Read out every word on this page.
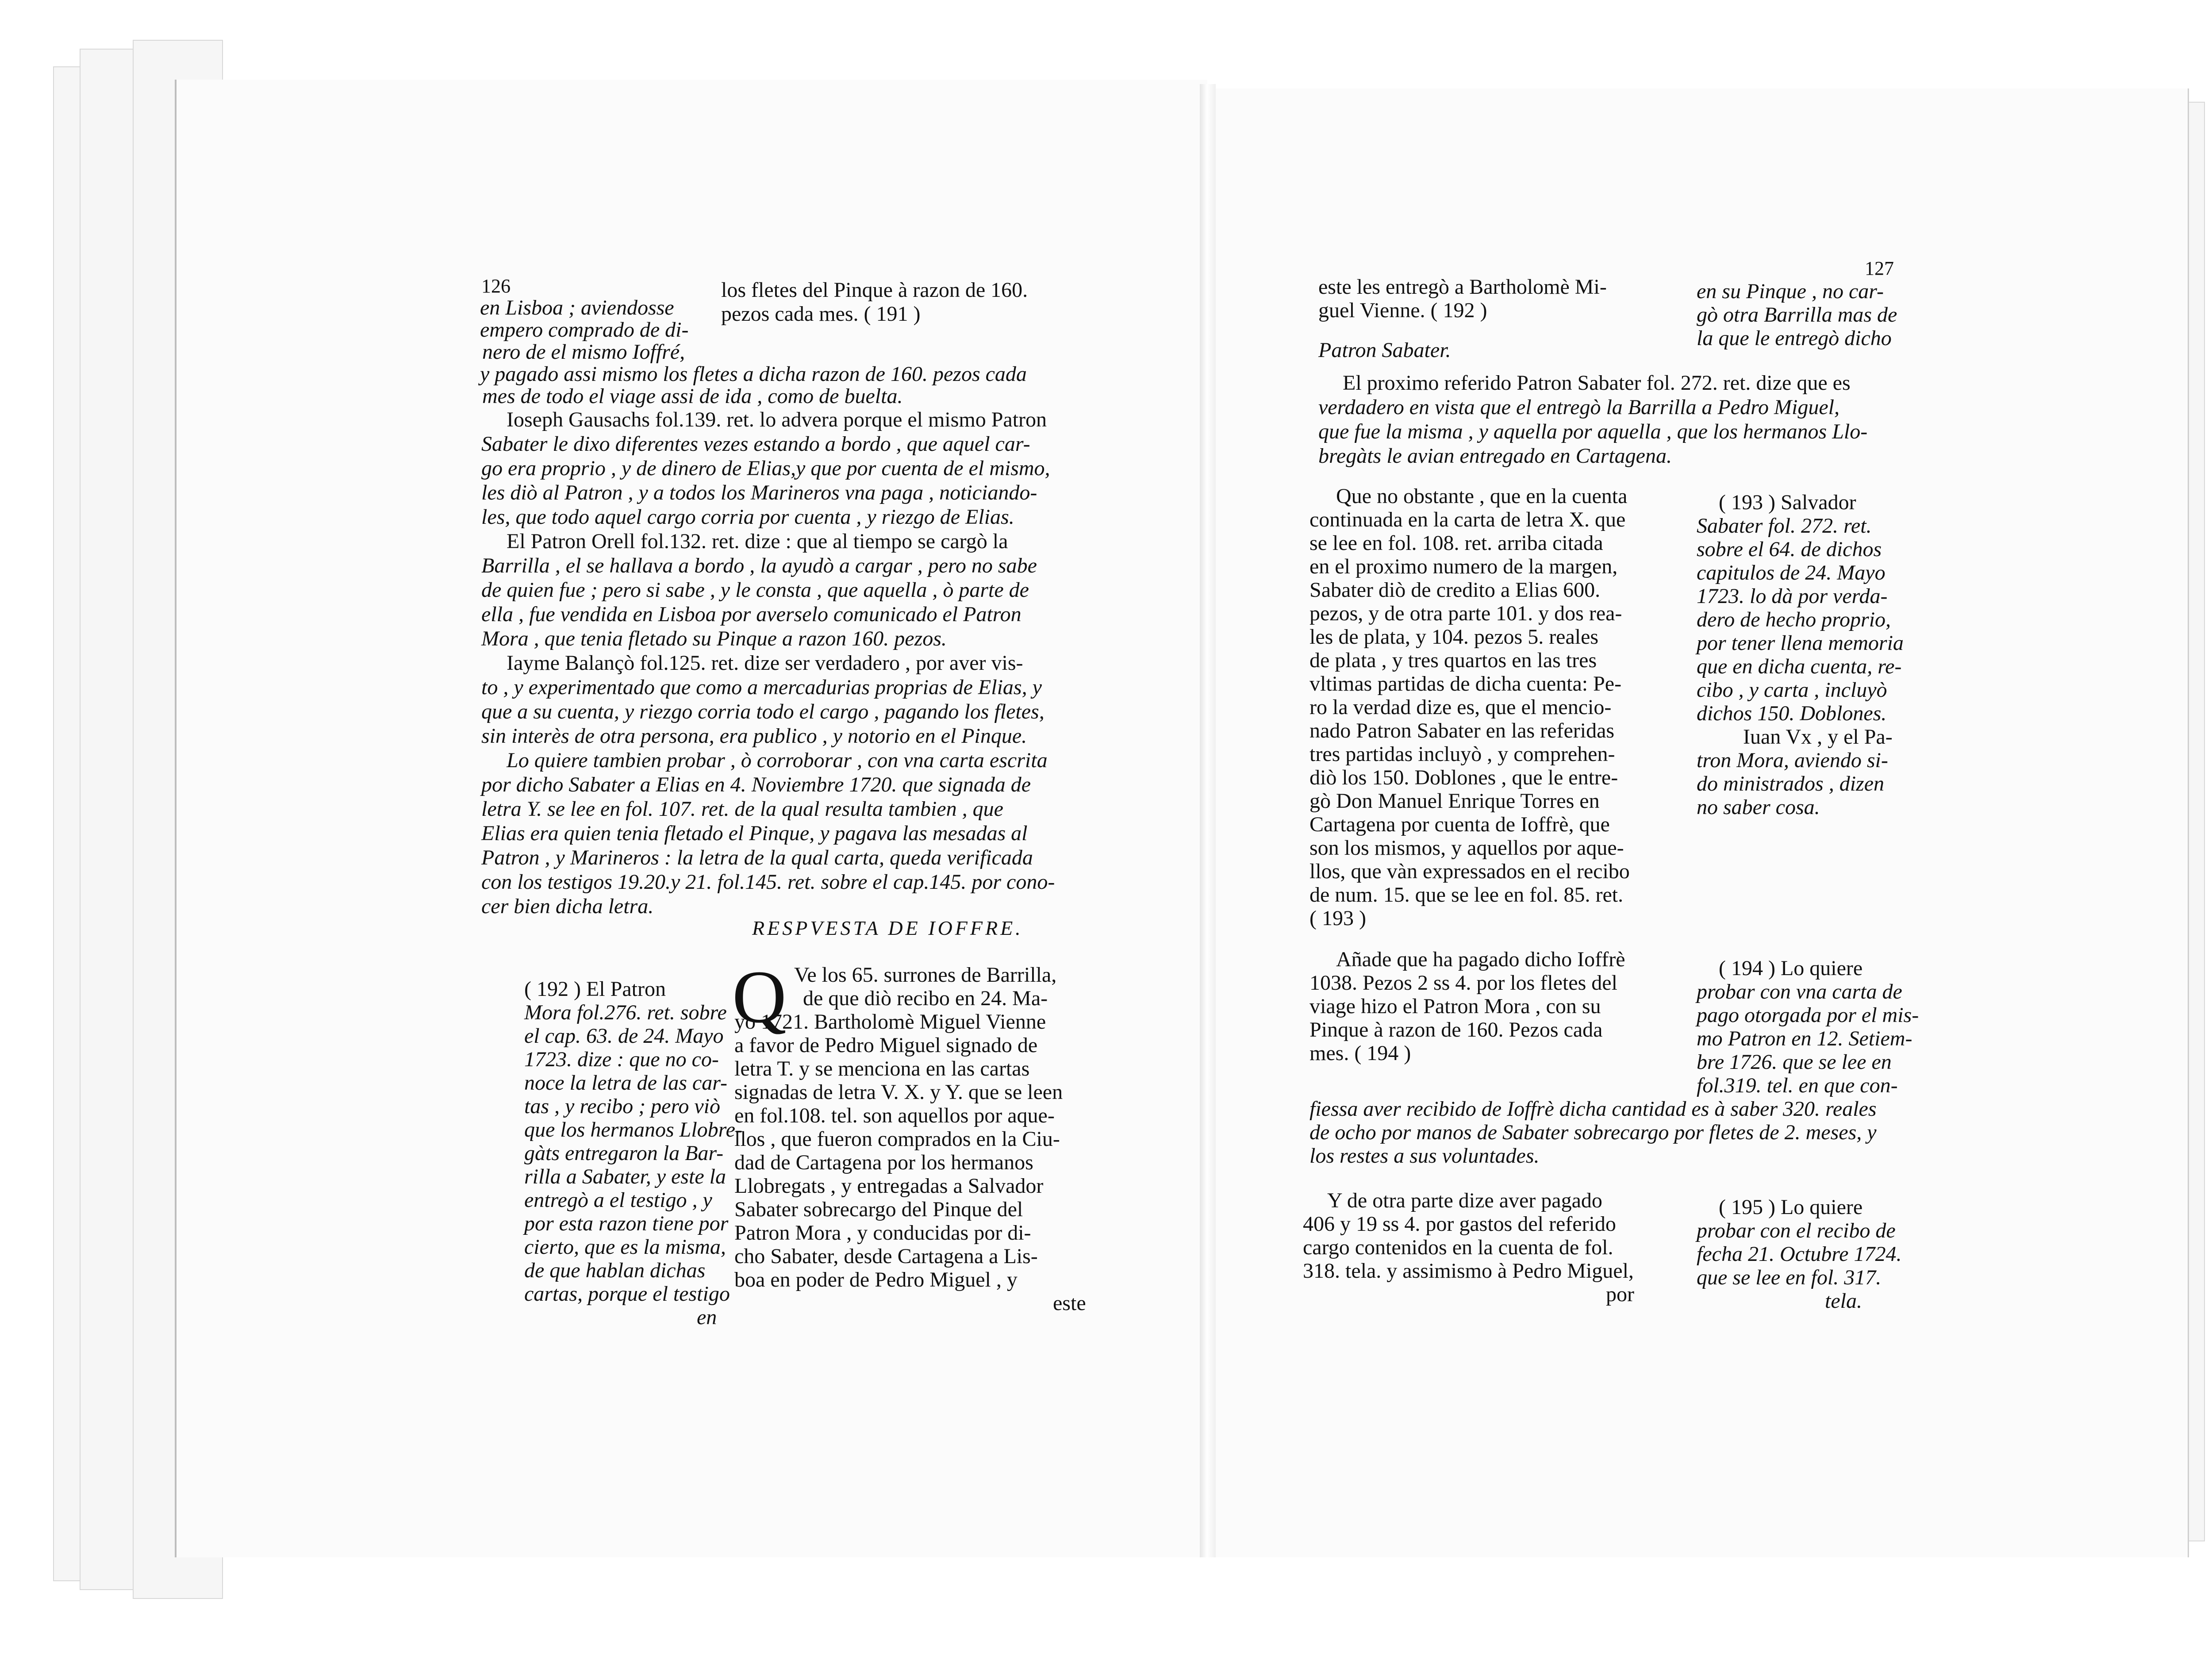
126

en Lisboa ; aviendosse

empero comprado de di-

nero de el mismo Ioffré,

los fletes del Pinque à razon de 160.

pezos cada mes. ( 191 )

y pagado assi mismo los fletes a dicha razon de 160. pezos cada

mes de todo el viage assi de ida , como de buelta.

Ioseph Gausachs fol.139. ret. lo advera porque el mismo Patron

Sabater le dixo diferentes vezes estando a bordo , que aquel car-

go era proprio , y de dinero de Elias,y que por cuenta de el mismo,

les diò al Patron , y a todos los Marineros vna paga , noticiando-

les, que todo aquel cargo corria por cuenta , y riezgo de Elias.

El Patron Orell fol.132. ret. dize : que al tiempo se cargò la

Barrilla , el se hallava a bordo , la ayudò a cargar , pero no sabe

de quien fue ; pero si sabe , y le consta , que aquella , ò parte de

ella , fue vendida en Lisboa por averselo comunicado el Patron

Mora , que tenia fletado su Pinque a razon 160. pezos.

Iayme Balançò fol.125. ret. dize ser verdadero , por aver vis-

to , y experimentado que como a mercadurias proprias de Elias, y

que a su cuenta, y riezgo corria todo el cargo , pagando los fletes,

sin interès de otra persona, era publico , y notorio en el Pinque.

Lo quiere tambien probar , ò corroborar , con vna carta escrita

por dicho Sabater a Elias en 4. Noviembre 1720. que signada de

letra Y. se lee en fol. 107. ret. de la qual resulta tambien , que

Elias era quien tenia fletado el Pinque, y pagava las mesadas al

Patron , y Marineros : la letra de la qual carta, queda verificada

con los testigos 19.20.y 21. fol.145. ret. sobre el cap.145. por cono-

cer bien dicha letra.

RESPVESTA DE IOFFRE.

( 192 ) El Patron

Mora fol.276. ret. sobre

el cap. 63. de 24. Mayo

1723. dize : que no co-

noce la letra de las car-

tas , y recibo ; pero viò

que los hermanos Llobre-

gàts entregaron la Bar-

rilla a Sabater, y este la

entregò a el testigo , y

por esta razon tiene por

cierto, que es la misma,

de que hablan dichas

cartas, porque el testigo

en

Q Ve los 65. surrones de Barrilla,

de que diò recibo en 24. Ma-

yo 1721. Bartholomè Miguel Vienne

a favor de Pedro Miguel signado de

letra T. y se menciona en las cartas

signadas de letra V. X. y Y. que se leen

en fol.108. tel. son aquellos por aque-

llos , que fueron comprados en la Ciu-

dad de Cartagena por los hermanos

Llobregats , y entregadas a Salvador

Sabater sobrecargo del Pinque del

Patron Mora , y conducidas por di-

cho Sabater, desde Cartagena a Lis-

boa en poder de Pedro Miguel , y

este

127

este les entregò a Bartholomè Mi-

guel Vienne. ( 192 )

Patron Sabater.

en su Pinque , no car-

gò otra Barrilla mas de

la que le entregò dicho

El proximo referido Patron Sabater fol. 272. ret. dize que es

verdadero en vista que el entregò la Barrilla a Pedro Miguel,

que fue la misma , y aquella por aquella , que los hermanos Llo-

bregàts le avian entregado en Cartagena.

Que no obstante , que en la cuenta

continuada en la carta de letra X. que

se lee en fol. 108. ret. arriba citada

en el proximo numero de la margen,

Sabater diò de credito a Elias 600.

pezos, y de otra parte 101. y dos rea-

les de plata, y 104. pezos 5. reales

de plata , y tres quartos en las tres

vltimas partidas de dicha cuenta: Pe-

ro la verdad dize es, que el mencio-

nado Patron Sabater en las referidas

tres partidas incluyò , y comprehen-

diò los 150. Doblones , que le entre-

gò Don Manuel Enrique Torres en

Cartagena por cuenta de Ioffrè, que

son los mismos, y aquellos por aque-

llos, que vàn expressados en el recibo

de num. 15. que se lee en fol. 85. ret.

( 193 )

( 193 ) Salvador

Sabater fol. 272. ret.

sobre el 64. de dichos

capitulos de 24. Mayo

1723. lo dà por verda-

dero de hecho proprio,

por tener llena memoria

que en dicha cuenta, re-

cibo , y carta , incluyò

dichos 150. Doblones.

Iuan Vx , y el Pa-

tron Mora, aviendo si-

do ministrados , dizen

no saber cosa.

Añade que ha pagado dicho Ioffrè

1038. Pezos 2 ss 4. por los fletes del

viage hizo el Patron Mora , con su

Pinque à razon de 160. Pezos cada

mes. ( 194 )

( 194 ) Lo quiere

probar con vna carta de

pago otorgada por el mis-

mo Patron en 12. Setiem-

bre 1726. que se lee en

fol.319. tel. en que con-

fiessa aver recibido de Ioffrè dicha cantidad es à saber 320. reales

de ocho por manos de Sabater sobrecargo por fletes de 2. meses, y

los restes a sus voluntades.

Y de otra parte dize aver pagado

406 y 19 ss 4. por gastos del referido

cargo contenidos en la cuenta de fol.

318. tela. y assimismo à Pedro Miguel,

por

( 195 ) Lo quiere

probar con el recibo de

fecha 21. Octubre 1724.

que se lee en fol. 317.

tela.
